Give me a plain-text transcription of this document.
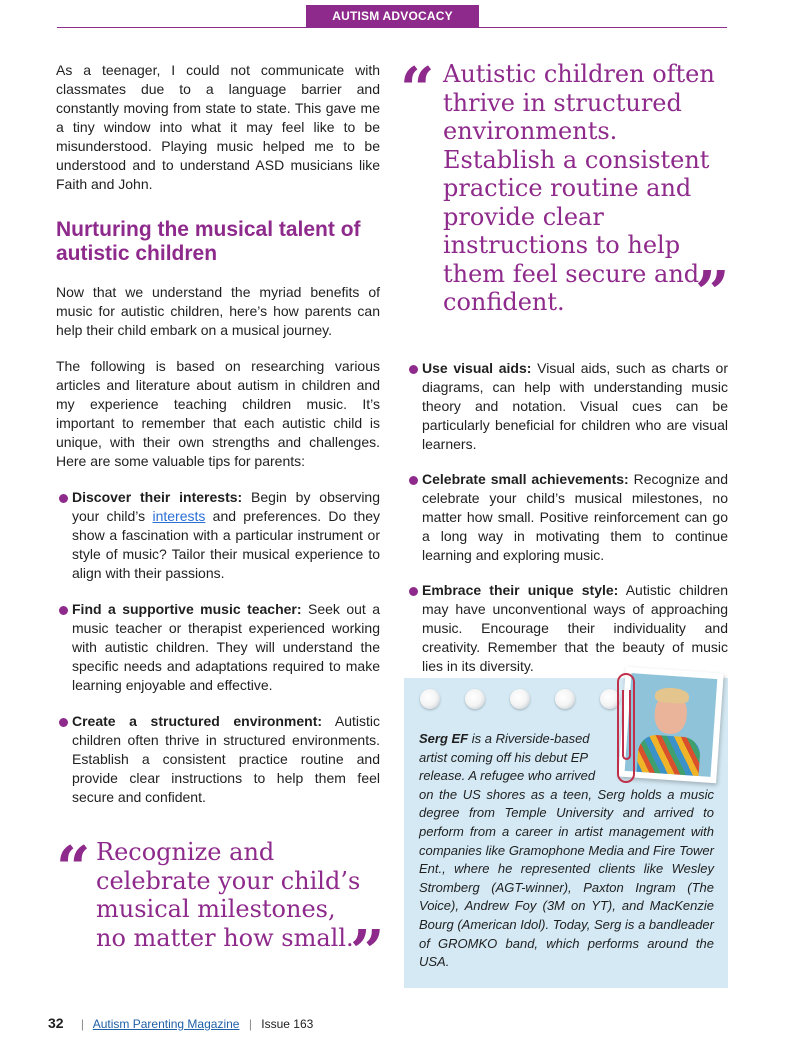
AUTISM ADVOCACY

As a teenager, I could not communicate with classmates due to a language barrier and constantly moving from state to state. This gave me a tiny window into what it may feel like to be misunderstood. Playing music helped me to be understood and to understand ASD musicians like Faith and John.

Nurturing the musical talent of autistic children

Now that we understand the myriad benefits of music for autistic children, here’s how parents can help their child embark on a musical journey.

The following is based on researching various articles and literature about autism in children and my experience teaching children music. It’s important to remember that each autistic child is unique, with their own strengths and challenges. Here are some valuable tips for parents:

Discover their interests: Begin by observing your child’s interests and preferences. Do they show a fascination with a particular instrument or style of music? Tailor their musical experience to align with their passions.
Find a supportive music teacher: Seek out a music teacher or therapist experienced working with autistic children. They will understand the specific needs and adaptations required to make learning enjoyable and effective.
Create a structured environment: Autistic children often thrive in structured environments. Establish a consistent practice routine and provide clear instructions to help them feel secure and confident.
“ Autistic children often thrive in structured environments. Establish a consistent practice routine and provide clear instructions to help them feel secure and confident.	”
Use visual aids: Visual aids, such as charts or diagrams, can help with understanding music theory and notation. Visual cues can be particularly beneficial for children who are visual learners.
Celebrate small achievements: Recognize and celebrate your child’s musical milestones, no matter how small. Positive reinforcement can go a long way in motivating them to continue learning and exploring music.
Embrace their unique style: Autistic children may have unconventional ways of approaching music. Encourage their individuality and creativity. Remember that the beauty of music lies in its diversity.
Serg EF is a Riverside-based
artist coming off his debut EP
release. A refugee who arrived
on the US shores as a teen, Serg holds a music degree from Temple University and arrived to perform from a career in artist management with companies like Gramophone Media and Fire Tower Ent., where he represented clients like Wesley Stromberg (AGT-winner), Paxton Ingram (The Voice), Andrew Foy (3M on YT), and MacKenzie Bourg (American Idol). Today, Serg is a bandleader of GROMKO band, which performs around the USA.
“ Recognize and celebrate your child’s musical milestones, no matter how small.
”
32 | Autism Parenting Magazine | Issue 163
